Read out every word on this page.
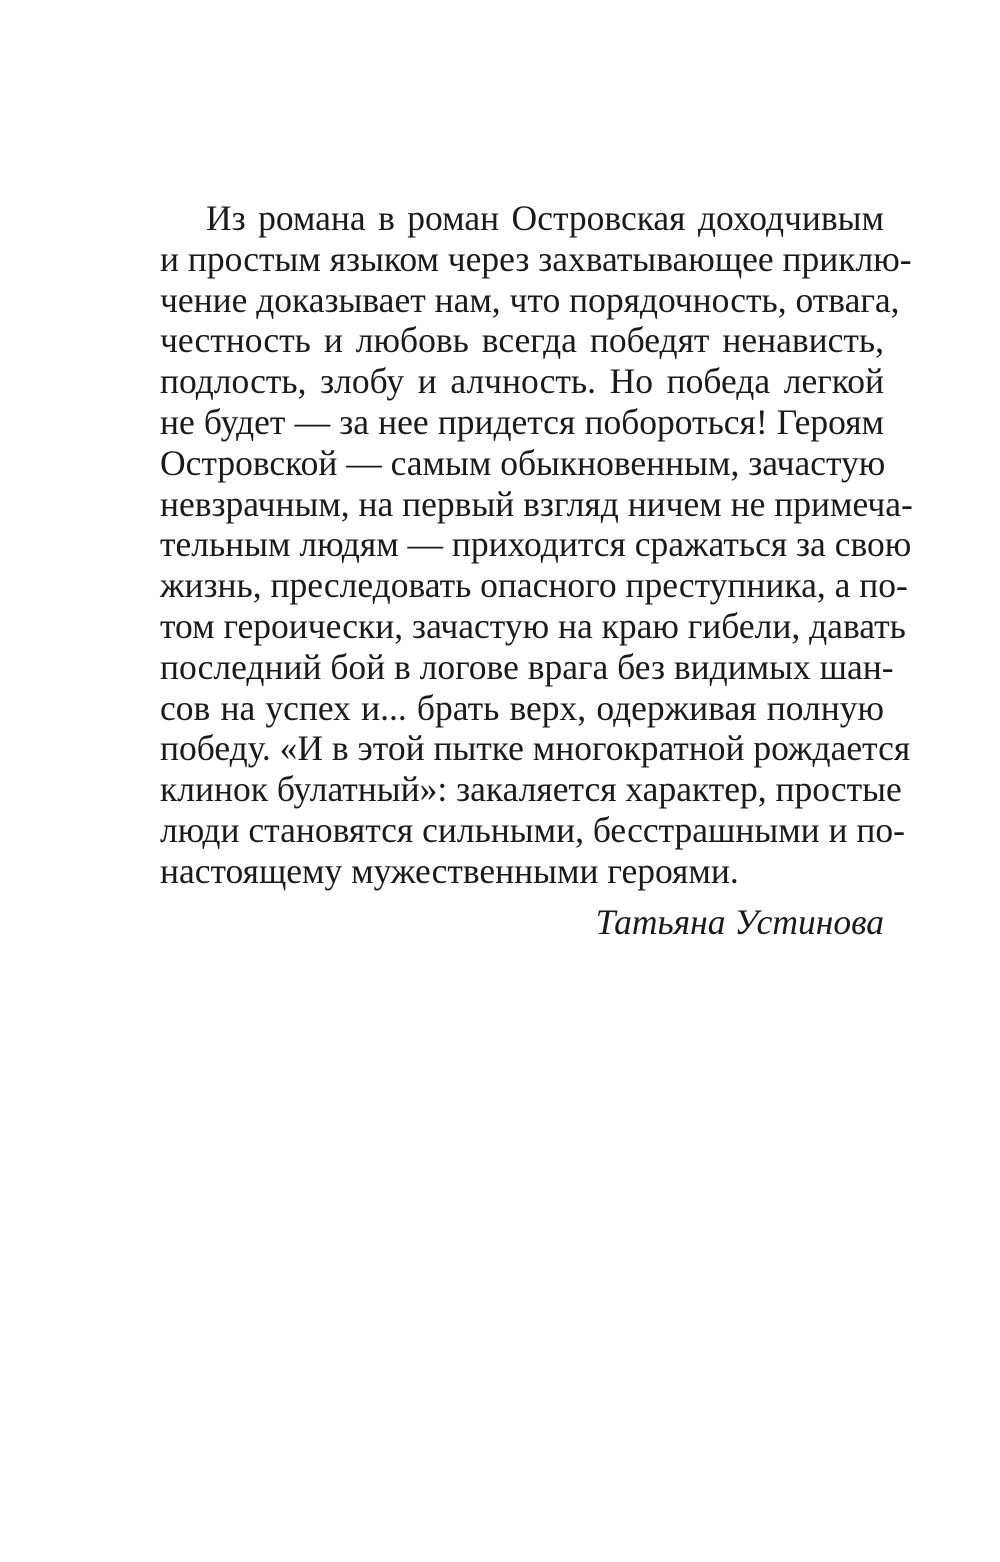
Из романа в роман Островская доходчивым
и простым языком через захватывающее приклю-
чение доказывает нам, что порядочность, отвага,
честность и любовь всегда победят ненависть,
подлость, злобу и алчность. Но победа легкой
не будет — за нее придется побороться! Героям
Островской — самым обыкновенным, зачастую
невзрачным, на первый взгляд ничем не примеча-
тельным людям — приходится сражаться за свою
жизнь, преследовать опасного преступника, а по-
том героически, зачастую на краю гибели, давать
последний бой в логове врага без видимых шан-
сов на успех и... брать верх, одерживая полную
победу. «И в этой пытке многократной рождается
клинок булатный»: закаляется характер, простые
люди становятся сильными, бесстрашными и по-
настоящему мужественными героями.
Татьяна Устинова
